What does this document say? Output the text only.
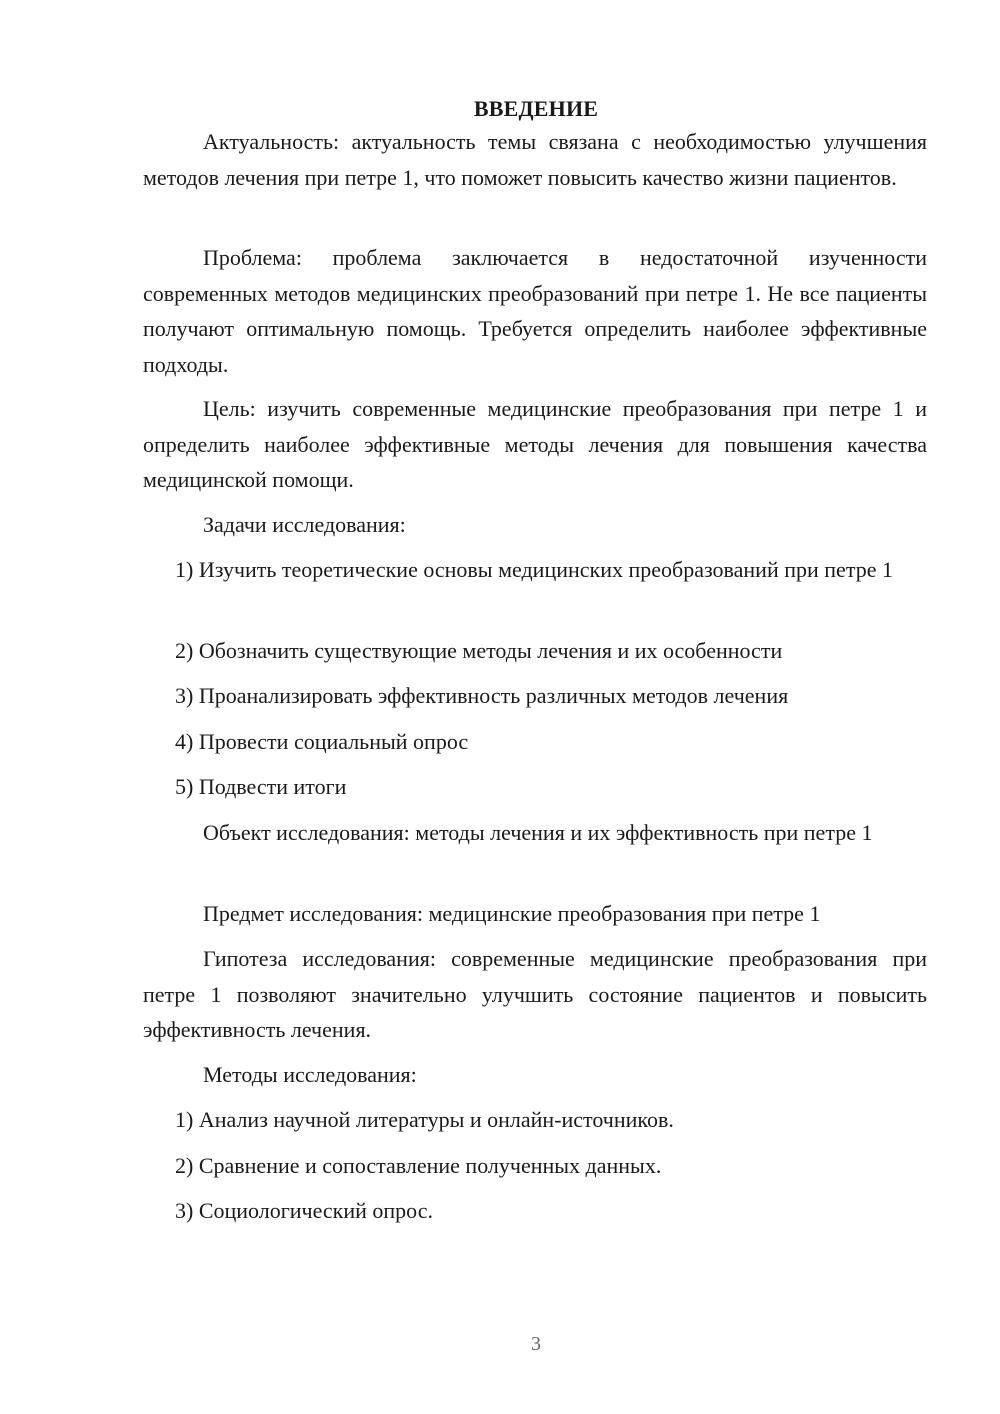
ВВЕДЕНИЕ

Актуальность: актуальность темы связана с необходимостью улучшения методов лечения при петре 1, что поможет повысить качество жизни пациентов.

Проблема: проблема заключается в недостаточной изученности современных методов медицинских преобразований при петре 1. Не все пациенты получают оптимальную помощь. Требуется определить наиболее эффективные подходы.

Цель: изучить современные медицинские преобразования при петре 1 и определить наиболее эффективные методы лечения для повышения качества медицинской помощи.

Задачи исследования:

1) Изучить теоретические основы медицинских преобразований при петре 1

2) Обозначить существующие методы лечения и их особенности

3) Проанализировать эффективность различных методов лечения

4) Провести социальный опрос

5) Подвести итоги

Объект исследования: методы лечения и их эффективность при петре 1

Предмет исследования: медицинские преобразования при петре 1

Гипотеза исследования: современные медицинские преобразования при петре 1 позволяют значительно улучшить состояние пациентов и повысить эффективность лечения.

Методы исследования:

1) Анализ научной литературы и онлайн-источников.

2) Сравнение и сопоставление полученных данных.

3) Социологический опрос.

3
